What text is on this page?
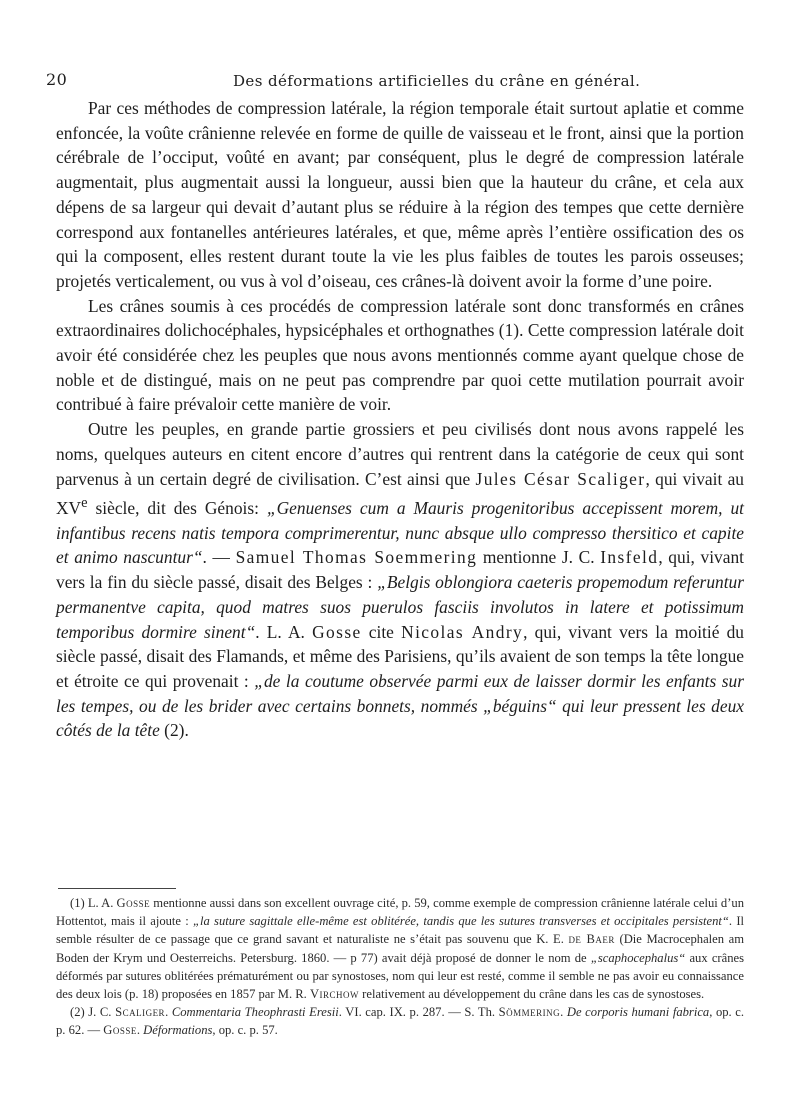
20	Des déformations artificielles du crâne en général.

Par ces méthodes de compression latérale, la région temporale était surtout aplatie et comme enfoncée, la voûte crânienne relevée en forme de quille de vaisseau et le front, ainsi que la portion cérébrale de l’occiput, voûté en avant; par conséquent, plus le degré de compression latérale augmentait, plus augmentait aussi la longueur, aussi bien que la hauteur du crâne, et cela aux dépens de sa largeur qui devait d’autant plus se réduire à la région des tempes que cette dernière correspond aux fontanelles antérieures latérales, et que, même après l’entière ossification des os qui la composent, elles restent durant toute la vie les plus faibles de toutes les parois osseuses; projetés verticalement, ou vus à vol d’oiseau, ces crânes-là doivent avoir la forme d’une poire.

Les crânes soumis à ces procédés de compression latérale sont donc transformés en crânes extraordinaires dolichocéphales, hypsicéphales et orthognathes (1). Cette compression latérale doit avoir été considérée chez les peuples que nous avons mentionnés comme ayant quelque chose de noble et de distingué, mais on ne peut pas comprendre par quoi cette mutilation pourrait avoir contribué à faire prévaloir cette manière de voir.

Outre les peuples, en grande partie grossiers et peu civilisés dont nous avons rappelé les noms, quelques auteurs en citent encore d’autres qui rentrent dans la catégorie de ceux qui sont parvenus à un certain degré de civilisation. C’est ainsi que Jules César Scaliger, qui vivait au XVe siècle, dit des Génois: „Genuenses cum a Mauris progenitoribus accepissent morem, ut infantibus recens natis tempora comprimerentur, nunc absque ullo compresso thersitico et capite et animo nascuntur“. — Samuel Thomas Soemmering mentionne J. C. Insfeld, qui, vivant vers la fin du siècle passé, disait des Belges : „Belgis oblongiora caeteris propemodum referuntur permanentve capita, quod matres suos puerulos fasciis involutos in latere et potissimum temporibus dormire sinent“. L. A. Gosse cite Nicolas Andry, qui, vivant vers la moitié du siècle passé, disait des Flamands, et même des Parisiens, qu’ils avaient de son temps la tête longue et étroite ce qui provenait : „de la coutume observée parmi eux de laisser dormir les enfants sur les tempes, ou de les brider avec certains bonnets, nommés „béguins“ qui leur pressent les deux côtés de la tête (2).

(1) L. A. Gosse mentionne aussi dans son excellent ouvrage cité, p. 59, comme exemple de compression crânienne latérale celui d’un Hottentot, mais il ajoute : „la suture sagittale elle-même est oblitérée, tandis que les sutures transverses et occipitales persistent“. Il semble résulter de ce passage que ce grand savant et naturaliste ne s’était pas souvenu que K. E. de Baer (Die Macrocephalen am Boden der Krym und Oesterreichs. Petersburg. 1860. — p 77) avait déjà proposé de donner le nom de „scaphocephalus“ aux crânes déformés par sutures oblitérées prématurément ou par synostoses, nom qui leur est resté, comme il semble ne pas avoir eu connaissance des deux lois (p. 18) proposées en 1857 par M. R. Virchow relativement au développement du crâne dans les cas de synostoses.

(2) J. C. Scaliger. Commentaria Theophrasti Eresii. VI. cap. IX. p. 287. — S. Th. Sömmering. De corporis humani fabrica, op. c. p. 62. — Gosse. Déformations, op. c. p. 57.
